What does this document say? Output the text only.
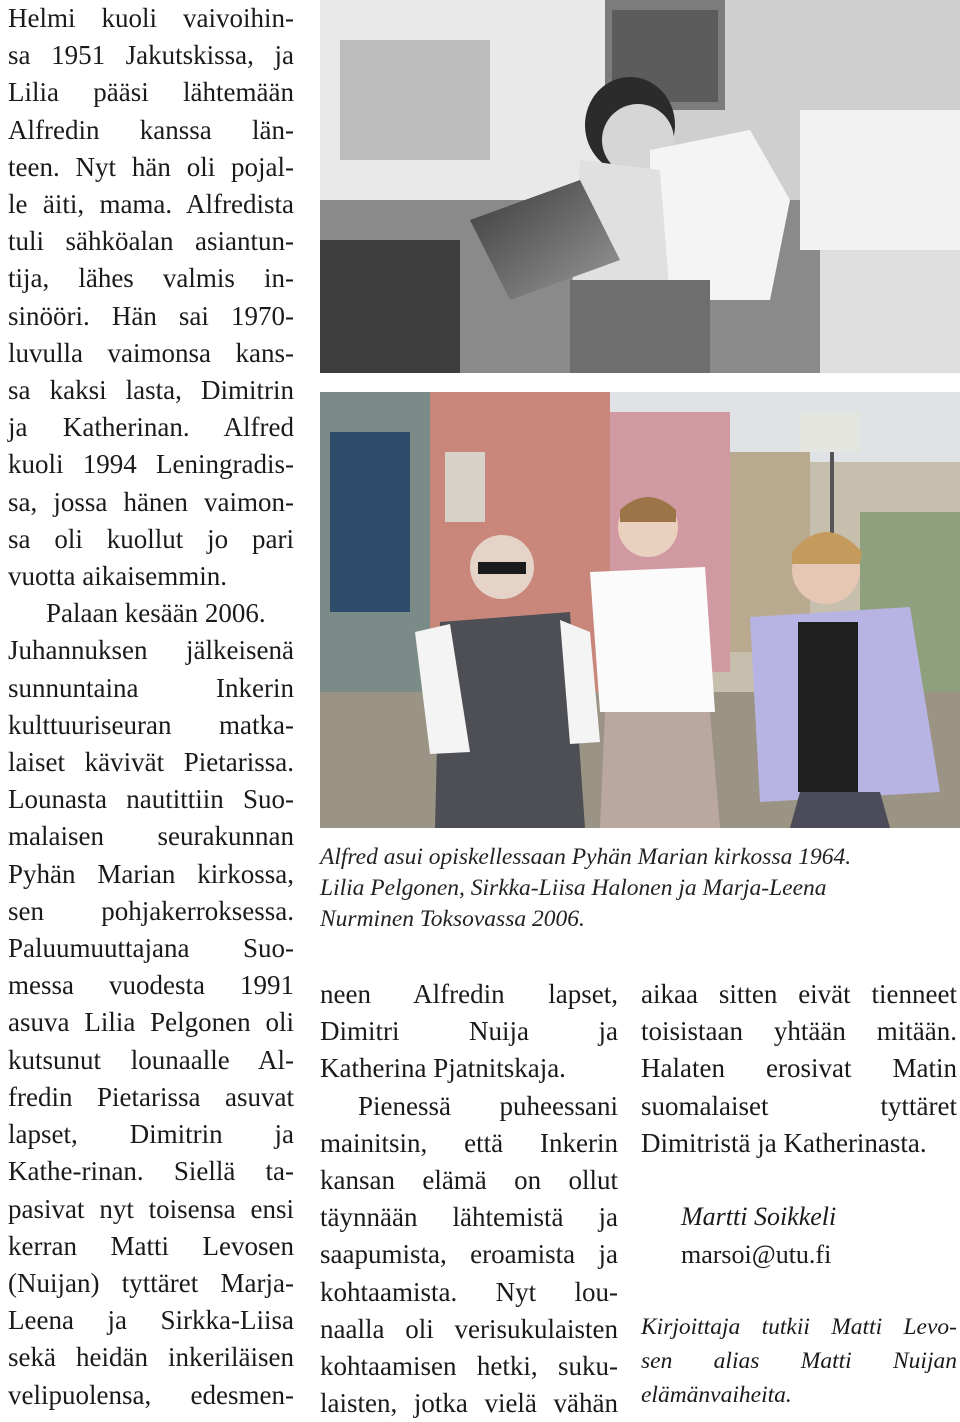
Helmi kuoli vaivoihin-
sa 1951 Jakutskissa, ja
Lilia pääsi lähtemään
Alfredin kanssa län-
teen. Nyt hän oli pojal-
le äiti, mama. Alfredista
tuli sähköalan asiantun-
tija, lähes valmis in-
sinööri. Hän sai 1970-
luvulla vaimonsa kans-
sa kaksi lasta, Dimitrin
ja Katherinan. Alfred
kuoli 1994 Leningradis-
sa, jossa hänen vaimon-
sa oli kuollut jo pari
vuotta aikaisemmin.

Palaan kesään 2006.
Juhannuksen jälkeisenä
sunnuntaina Inkerin
kulttuuriseuran matka-
laiset kävivät Pietarissa.
Lounasta nautittiin Suo-
malaisen seurakunnan
Pyhän Marian kirkossa,
sen pohjakerroksessa.
Paluumuuttajana Suo-
messa vuodesta 1991
asuva Lilia Pelgonen oli
kutsunut lounaalle Al-
fredin Pietarissa asuvat
lapset, Dimitrin ja
Kathe-rinan. Siellä ta-
pasivat nyt toisensa ensi
kerran Matti Levosen
(Nuijan) tyttäret Marja-
Leena ja Sirkka-Liisa
sekä heidän inkeriläisen
velipuolensa, edesmen-

Alfred asui opiskellessaan Pyhän Marian kirkossa 1964.
Lilia Pelgonen, Sirkka-Liisa Halonen ja Marja-Leena
Nurminen Toksovassa 2006.

neen Alfredin lapset,
Dimitri Nuija ja
Katherina Pjatnitskaja.

Pienessä puheessani
mainitsin, että Inkerin
kansan elämä on ollut
täynnään lähtemistä ja
saapumista, eroamista ja
kohtaamista. Nyt lou-
naalla oli verisukulaisten
kohtaamisen hetki, suku-
laisten, jotka vielä vähän

aikaa sitten eivät tienneet
toisistaan yhtään mitään.
Halaten erosivat Matin
suomalaiset tyttäret
Dimitristä ja Katherinasta.

Martti Soikkeli
marsoi@utu.fi
Kirjoittaja tutkii Matti Levo-
sen alias Matti Nuijan
elämänvaiheita.
